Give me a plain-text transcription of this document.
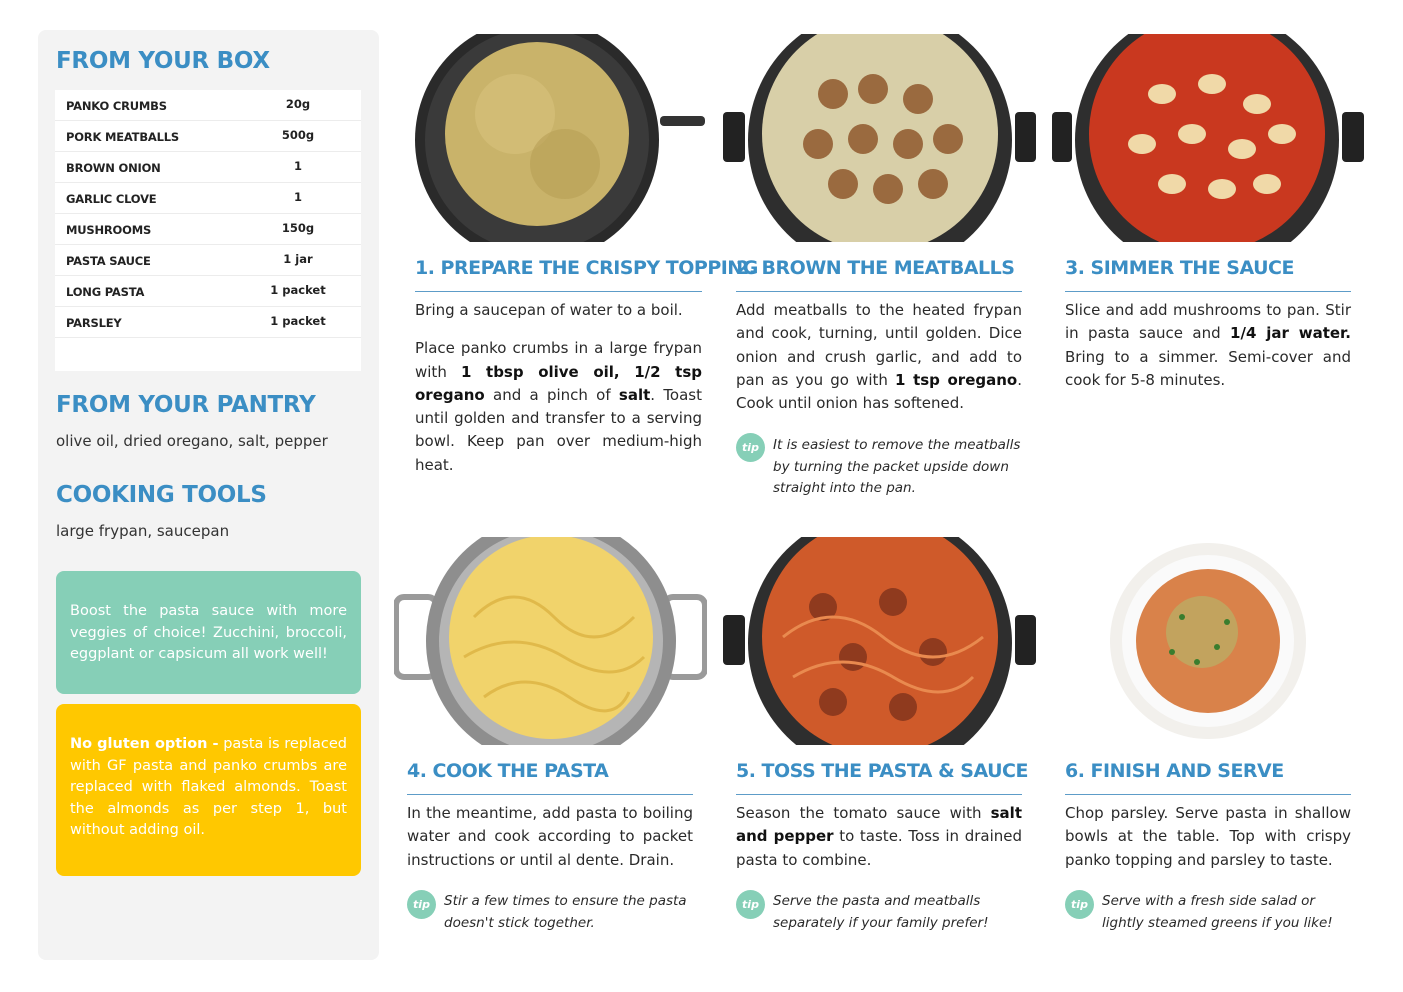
FROM YOUR BOX
PANKO CRUMBS	20g
PORK MEATBALLS	500g
BROWN ONION	1
GARLIC CLOVE	1
MUSHROOMS	150g
PASTA SAUCE	1 jar
LONG PASTA	1 packet
PARSLEY	1 packet
FROM YOUR PANTRY
olive oil, dried oregano, salt, pepper
COOKING TOOLS
large frypan, saucepan
Boost the pasta sauce with more veggies of choice! Zucchini, broccoli, eggplant or capsicum all work well!
No gluten option - pasta is replaced with GF pasta and panko crumbs are replaced with flaked almonds. Toast the almonds as per step 1, but without adding oil.
1. PREPARE THE CRISPY TOPPING

Bring a saucepan of water to a boil.

Place panko crumbs in a large frypan with 1 tbsp olive oil, 1/2 tsp oregano and a pinch of salt. Toast until golden and transfer to a serving bowl. Keep pan over medium-high heat.

2. BROWN THE MEATBALLS

Add meatballs to the heated frypan and cook, turning, until golden. Dice onion and crush garlic, and add to pan as you go with 1 tsp oregano. Cook until onion has softened.

tip	It is easiest to remove the meatballs by turning the packet upside down straight into the pan.
3. SIMMER THE SAUCE

Slice and add mushrooms to pan. Stir in pasta sauce and 1/4 jar water. Bring to a simmer. Semi-cover and cook for 5-8 minutes.

4. COOK THE PASTA

In the meantime, add pasta to boiling water and cook according to packet instructions or until al dente. Drain.

tip	Stir a few times to ensure the pasta doesn't stick together.
5. TOSS THE PASTA & SAUCE

Season the tomato sauce with salt and pepper to taste. Toss in drained pasta to combine.

tip	Serve the pasta and meatballs separately if your family prefer!
6. FINISH AND SERVE

Chop parsley. Serve pasta in shallow bowls at the table. Top with crispy panko topping and parsley to taste.

tip	Serve with a fresh side salad or lightly steamed greens if you like!
